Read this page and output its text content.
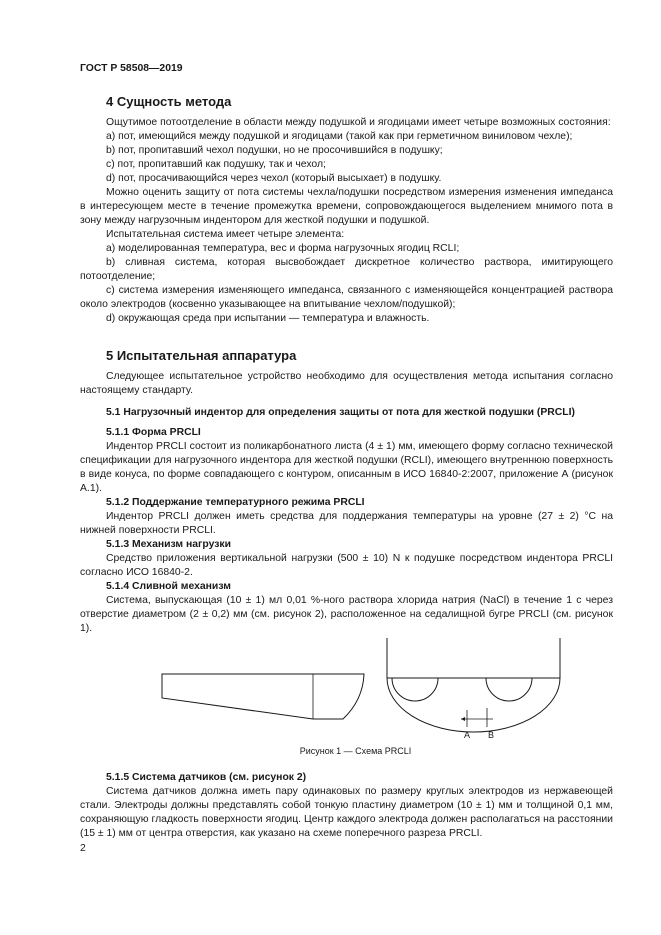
ГОСТ Р 58508—2019
4 Сущность метода

Ощутимое потоотделение в области между подушкой и ягодицами имеет четыре возможных состояния:

a) пот, имеющийся между подушкой и ягодицами (такой как при герметичном виниловом чехле);

b) пот, пропитавший чехол подушки, но не просочившийся в подушку;

c) пот, пропитавший как подушку, так и чехол;

d) пот, просачивающийся через чехол (который высыхает) в подушку.

Можно оценить защиту от пота системы чехла/подушки посредством измерения изменения импеданса в интересующем месте в течение промежутка времени, сопровождающегося выделением мнимого пота в зону между нагрузочным индентором для жесткой подушки и подушкой.

Испытательная система имеет четыре элемента:

a) моделированная температура, вес и форма нагрузочных ягодиц RCLI;

b) сливная система, которая высвобождает дискретное количество раствора, имитирующего потоотделение;

c) система измерения изменяющего импеданса, связанного с изменяющейся концентрацией раствора около электродов (косвенно указывающее на впитывание чехлом/подушкой);

d) окружающая среда при испытании — температура и влажность.

5 Испытательная аппаратура

Следующее испытательное устройство необходимо для осуществления метода испытания согласно настоящему стандарту.

5.1 Нагрузочный индентор для определения защиты от пота для жесткой подушки (PRCLI)

5.1.1 Форма PRCLI

Индентор PRCLI состоит из поликарбонатного листа (4 ± 1) мм, имеющего форму согласно технической спецификации для нагрузочного индентора для жесткой подушки (RCLI), имеющего внутреннюю поверхность в виде конуса, по форме совпадающего с контуром, описанным в ИСО 16840-2:2007, приложение А (рисунок А.1).

5.1.2 Поддержание температурного режима PRCLI

Индентор PRCLI должен иметь средства для поддержания температуры на уровне (27 ± 2) °С на нижней поверхности PRCLI.

5.1.3 Механизм нагрузки

Средство приложения вертикальной нагрузки (500 ± 10) N к подушке посредством индентора PRCLI согласно ИСО 16840-2.

5.1.4 Сливной механизм

Система, выпускающая (10 ± 1) мл 0,01 %-ного раствора хлорида натрия (NaCl) в течение 1 с через отверстие диаметром (2 ± 0,2) мм (см. рисунок 2), расположенное на седалищной бугре PRCLI (см. рисунок 1).

A B
Рисунок 1 — Схема PRCLI

5.1.5 Система датчиков (см. рисунок 2)

Система датчиков должна иметь пару одинаковых по размеру круглых электродов из нержавеющей стали. Электроды должны представлять собой тонкую пластину диаметром (10 ± 1) мм и толщиной 0,1 мм, сохраняющую гладкость поверхности ягодиц. Центр каждого электрода должен располагаться на расстоянии (15 ± 1) мм от центра отверстия, как указано на схеме поперечного разреза PRCLI.

2
